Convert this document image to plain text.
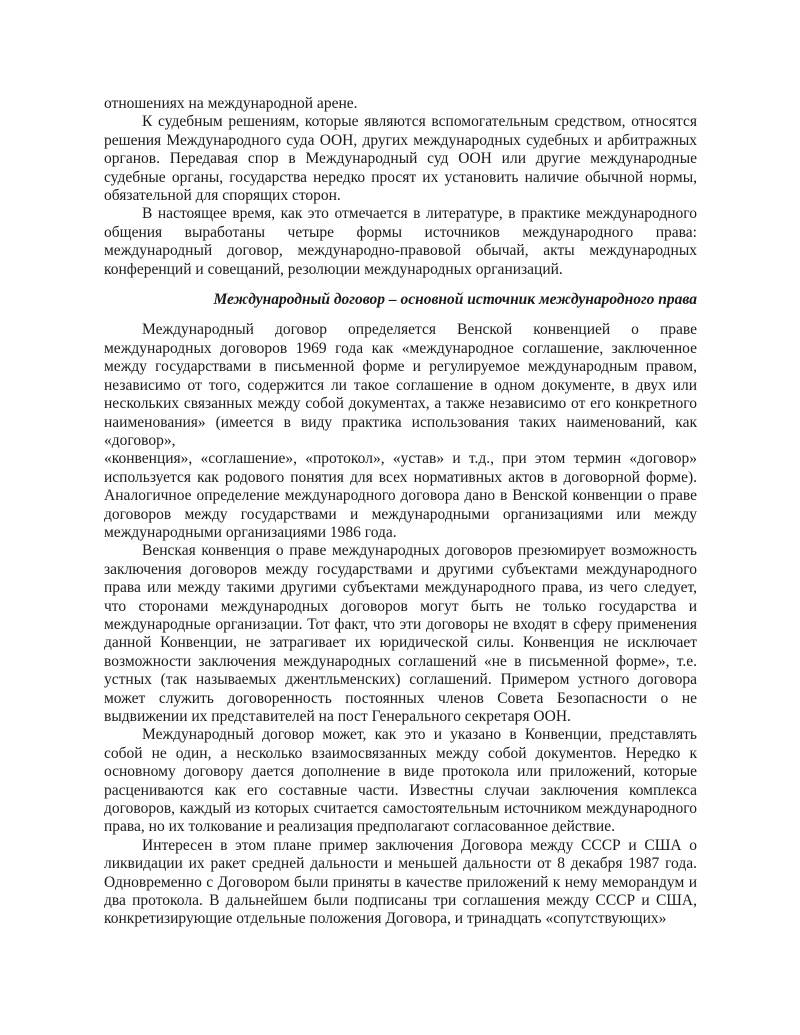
отношениях на международной арене.

К судебным решениям, которые являются вспомогательным средством, относятся решения Международного суда ООН, других международных судебных и арбитражных органов. Передавая спор в Международный суд ООН или другие международные судебные органы, государства нередко просят их установить наличие обычной нормы, обязательной для спорящих сторон.

В настоящее время, как это отмечается в литературе, в практике международного общения выработаны четыре формы источников международного права: международный договор, международно-правовой обычай, акты международных конференций и совещаний, резолюции международных организаций.

Международный договор – основной источник международного права

Международный договор определяется Венской конвенцией о праве международных договоров 1969 года как «международное соглашение, заключенное между государствами в письменной форме и регулируемое международным правом, независимо от того, содержится ли такое соглашение в одном документе, в двух или нескольких связанных между собой документах, а также независимо от его конкретного наименования» (имеется в виду практика использования таких наименований, как «договор»,

«конвенция», «соглашение», «протокол», «устав» и т.д., при этом термин «договор» используется как родового понятия для всех нормативных актов в договорной форме). Аналогичное определение международного договора дано в Венской конвенции о праве договоров между государствами и международными организациями или между международными организациями 1986 года.

Венская конвенция о праве международных договоров презюмирует возможность заключения договоров между государствами и другими субъектами международного права или между такими другими субъектами международного права, из чего следует, что сторонами международных договоров могут быть не только государства и международные организации. Тот факт, что эти договоры не входят в сферу применения данной Конвенции, не затрагивает их юридической силы. Конвенция не исключает возможности заключения международных соглашений «не в письменной форме», т.е. устных (так называемых джентльменских) соглашений. Примером устного договора может служить договоренность постоянных членов Совета Безопасности о не выдвижении их представителей на пост Генерального секретаря ООН.

Международный договор может, как это и указано в Конвенции, представлять собой не один, а несколько взаимосвязанных между собой документов. Нередко к основному договору дается дополнение в виде протокола или приложений, которые расцениваются как его составные части. Известны случаи заключения комплекса договоров, каждый из которых считается самостоятельным источником международного права, но их толкование и реализация предполагают согласованное действие.

Интересен в этом плане пример заключения Договора между СССР и США о ликвидации их ракет средней дальности и меньшей дальности от 8 декабря 1987 года. Одновременно с Договором были приняты в качестве приложений к нему меморандум и два протокола. В дальнейшем были подписаны три соглашения между СССР и США, конкретизирующие отдельные положения Договора, и тринадцать «сопутствующих»
